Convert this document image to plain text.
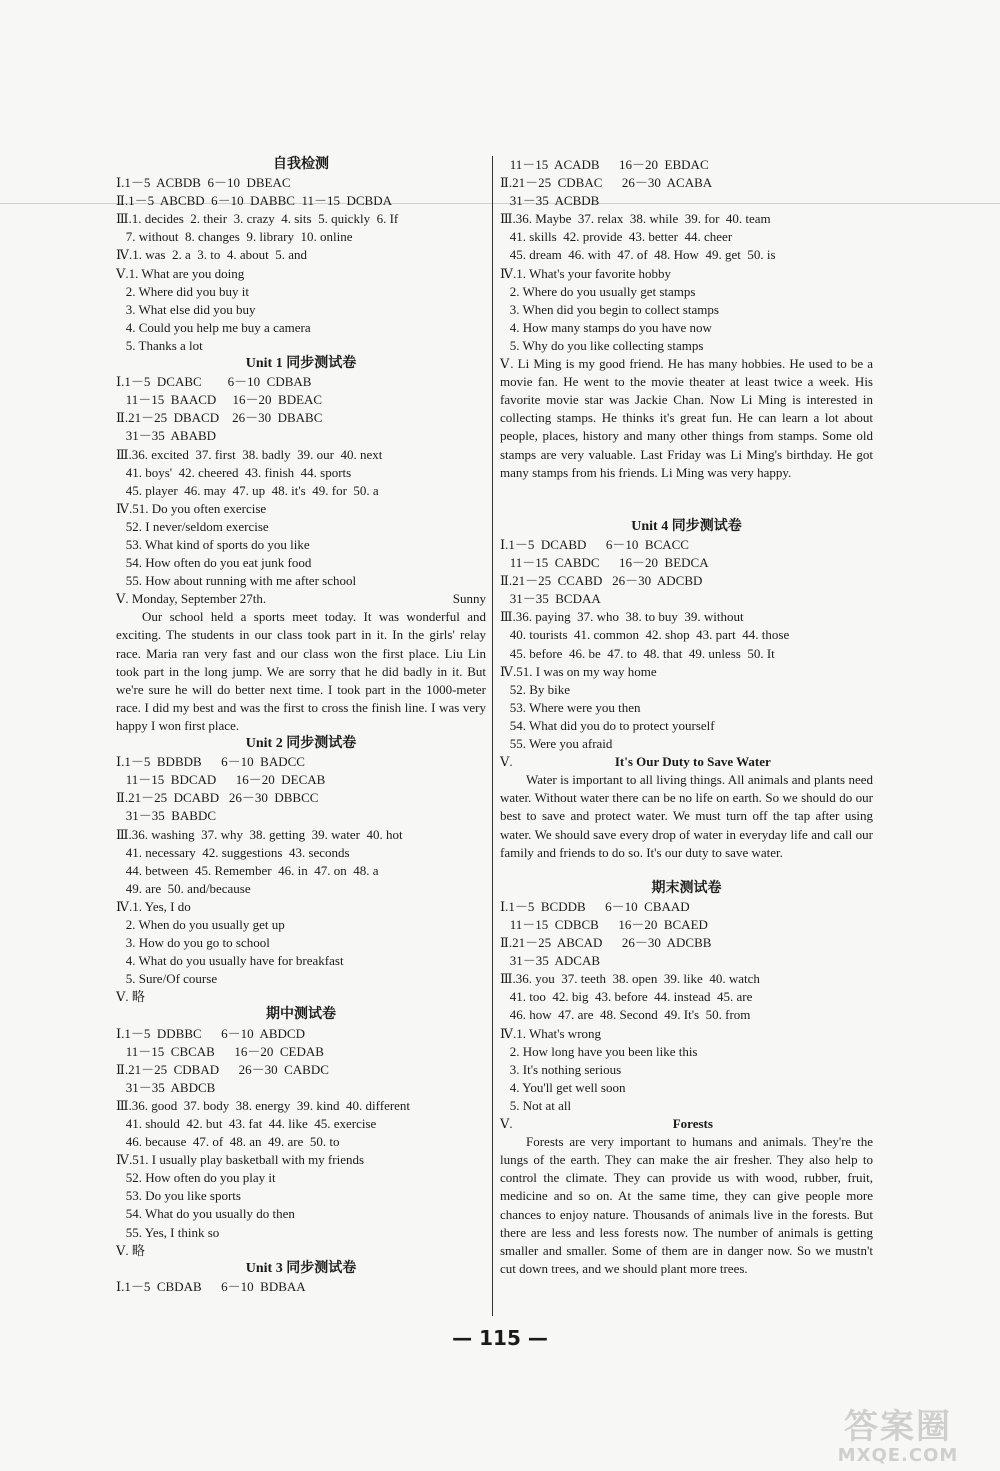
自我检测
Ⅰ.1－5  ACBDB  6－10  DBEAC
Ⅱ.1－5  ABCBD  6－10  DABBC  11－15  DCBDA
Ⅲ.1. decides  2. their  3. crazy  4. sits  5. quickly  6. If
7. without  8. changes  9. library  10. online
Ⅳ.1. was  2. a  3. to  4. about  5. and
Ⅴ.1. What are you doing
2. Where did you buy it
3. What else did you buy
4. Could you help me buy a camera
5. Thanks a lot
Unit 1 同步测试卷
Ⅰ.1－5  DCABC        6－10  CDBAB
11－15  BAACD     16－20  BDEAC
Ⅱ.21－25  DBACD    26－30  DBABC
31－35  ABABD
Ⅲ.36. excited  37. first  38. badly  39. our  40. next
41. boys'  42. cheered  43. finish  44. sports
45. player  46. may  47. up  48. it's  49. for  50. a
Ⅳ.51. Do you often exercise
52. I never/seldom exercise
53. What kind of sports do you like
54. How often do you eat junk food
55. How about running with me after school
Ⅴ. Monday, September 27th.	Sunny
Our school held a sports meet today. It was wonderful and exciting. The students in our class took part in it. In the girls' relay race. Maria ran very fast and our class won the first place. Liu Lin took part in the long jump. We are sorry that he did badly in it. But we're sure he will do better next time. I took part in the 1000-meter race. I did my best and was the first to cross the finish line. I was very happy I won first place.
Unit 2 同步测试卷
Ⅰ.1－5  BDBDB      6－10  BADCC
11－15  BDCAD      16－20  DECAB
Ⅱ.21－25  DCABD   26－30  DBBCC
31－35  BABDC
Ⅲ.36. washing  37. why  38. getting  39. water  40. hot
41. necessary  42. suggestions  43. seconds
44. between  45. Remember  46. in  47. on  48. a
49. are  50. and/because
Ⅳ.1. Yes, I do
2. When do you usually get up
3. How do you go to school
4. What do you usually have for breakfast
5. Sure/Of course
Ⅴ. 略
期中测试卷
Ⅰ.1－5  DDBBC      6－10  ABDCD
11－15  CBCAB      16－20  CEDAB
Ⅱ.21－25  CDBAD      26－30  CABDC
31－35  ABDCB
Ⅲ.36. good  37. body  38. energy  39. kind  40. different
41. should  42. but  43. fat  44. like  45. exercise
46. because  47. of  48. an  49. are  50. to
Ⅳ.51. I usually play basketball with my friends
52. How often do you play it
53. Do you like sports
54. What do you usually do then
55. Yes, I think so
Ⅴ. 略
Unit 3 同步测试卷
Ⅰ.1－5  CBDAB      6－10  BDBAA
11－15  ACADB      16－20  EBDAC
Ⅱ.21－25  CDBAC      26－30  ACABA
31－35  ACBDB
Ⅲ.36. Maybe  37. relax  38. while  39. for  40. team
41. skills  42. provide  43. better  44. cheer
45. dream  46. with  47. of  48. How  49. get  50. is
Ⅳ.1. What's your favorite hobby
2. Where do you usually get stamps
3. When did you begin to collect stamps
4. How many stamps do you have now
5. Why do you like collecting stamps
Ⅴ. Li Ming is my good friend. He has many hobbies. He used to be a movie fan. He went to the movie theater at least twice a week. His favorite movie star was Jackie Chan. Now Li Ming is interested in collecting stamps. He thinks it's great fun. He can learn a lot about people, places, history and many other things from stamps. Some old stamps are very valuable. Last Friday was Li Ming's birthday. He got many stamps from his friends. Li Ming was very happy.
Unit 4 同步测试卷
Ⅰ.1－5  DCABD      6－10  BCACC
11－15  CABDC      16－20  BEDCA
Ⅱ.21－25  CCABD   26－30  ADCBD
31－35  BCDAA
Ⅲ.36. paying  37. who  38. to buy  39. without
40. tourists  41. common  42. shop  43. part  44. those
45. before  46. be  47. to  48. that  49. unless  50. It
Ⅳ.51. I was on my way home
52. By bike
53. Where were you then
54. What did you do to protect yourself
55. Were you afraid
Ⅴ.	It's Our Duty to Save Water
Water is important to all living things. All animals and plants need water. Without water there can be no life on earth. So we should do our best to save and protect water. We must turn off the tap after using water. We should save every drop of water in everyday life and call our family and friends to do so. It's our duty to save water.
期末测试卷
Ⅰ.1－5  BCDDB      6－10  CBAAD
11－15  CDBCB      16－20  BCAED
Ⅱ.21－25  ABCAD      26－30  ADCBB
31－35  ADCAB
Ⅲ.36. you  37. teeth  38. open  39. like  40. watch
41. too  42. big  43. before  44. instead  45. are
46. how  47. are  48. Second  49. It's  50. from
Ⅳ.1. What's wrong
2. How long have you been like this
3. It's nothing serious
4. You'll get well soon
5. Not at all
Ⅴ.	Forests
Forests are very important to humans and animals. They're the lungs of the earth. They can make the air fresher. They also help to control the climate. They can provide us with wood, rubber, fruit, medicine and so on. At the same time, they can give people more chances to enjoy nature. Thousands of animals live in the forests. But there are less and less forests now. The number of animals is getting smaller and smaller. Some of them are in danger now. So we mustn't cut down trees, and we should plant more trees.
— 115 —
答案圈
MXQE.COM
